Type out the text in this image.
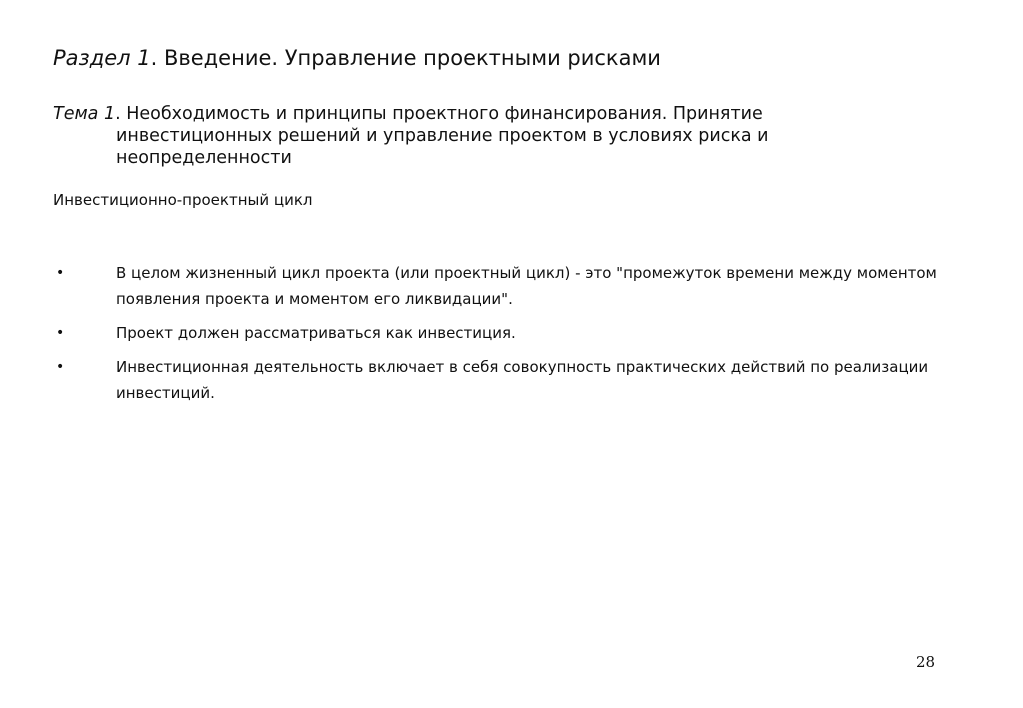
Раздел 1. Введение. Управление проектными рисками
Тема 1. Необходимость и принципы проектного финансирования. Принятие
инвестиционных решений и управление проектом в условиях риска и
неопределенности
Инвестиционно-проектный цикл
•	В целом жизненный цикл проекта (или проектный цикл) - это "промежуток времени между моментом появления проекта и моментом его ликвидации".
•	Проект должен рассматриваться как инвестиция.
•	Инвестиционная деятельность включает в себя совокупность практических действий по реализации инвестиций.
28
